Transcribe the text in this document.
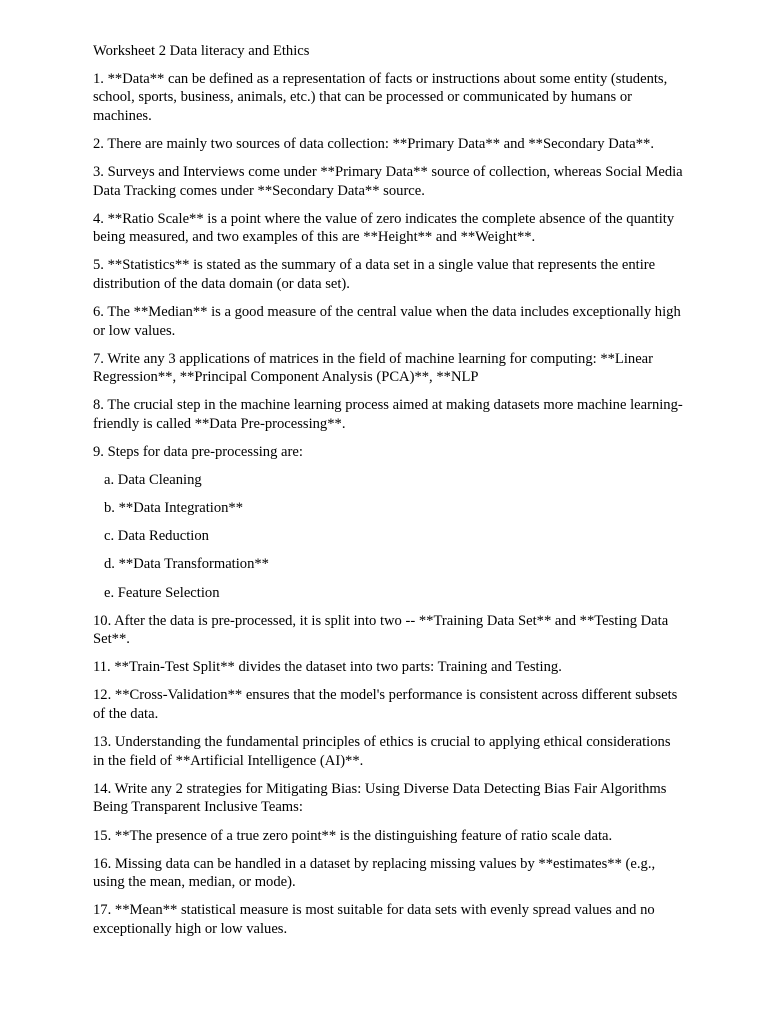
Worksheet 2 Data literacy and Ethics

1. **Data** can be defined as a representation of facts or instructions about some entity (students, school, sports, business, animals, etc.) that can be processed or communicated by humans or machines.

2. There are mainly two sources of data collection: **Primary Data** and **Secondary Data**.

3. Surveys and Interviews come under **Primary Data** source of collection, whereas Social Media Data Tracking comes under **Secondary Data** source.

4. **Ratio Scale** is a point where the value of zero indicates the complete absence of the quantity being measured, and two examples of this are **Height** and **Weight**.

5. **Statistics** is stated as the summary of a data set in a single value that represents the entire distribution of the data domain (or data set).

6. The **Median** is a good measure of the central value when the data includes exceptionally high or low values.

7. Write any 3 applications of matrices in the field of machine learning for computing: **Linear Regression**, **Principal Component Analysis (PCA)**, **NLP

8. The crucial step in the machine learning process aimed at making datasets more machine learning-friendly is called **Data Pre-processing**.

9. Steps for data pre-processing are:

a. Data Cleaning

b. **Data Integration**

c. Data Reduction

d. **Data Transformation**

e. Feature Selection

10. After the data is pre-processed, it is split into two -- **Training Data Set** and **Testing Data Set**.

11. **Train-Test Split** divides the dataset into two parts: Training and Testing.

12. **Cross-Validation** ensures that the model's performance is consistent across different subsets of the data.

13. Understanding the fundamental principles of ethics is crucial to applying ethical considerations in the field of **Artificial Intelligence (AI)**.

14. Write any 2 strategies for Mitigating Bias: Using Diverse Data Detecting Bias Fair Algorithms Being Transparent Inclusive Teams:

15. **The presence of a true zero point** is the distinguishing feature of ratio scale data.

16. Missing data can be handled in a dataset by replacing missing values by **estimates** (e.g., using the mean, median, or mode).

17. **Mean** statistical measure is most suitable for data sets with evenly spread values and no exceptionally high or low values.
